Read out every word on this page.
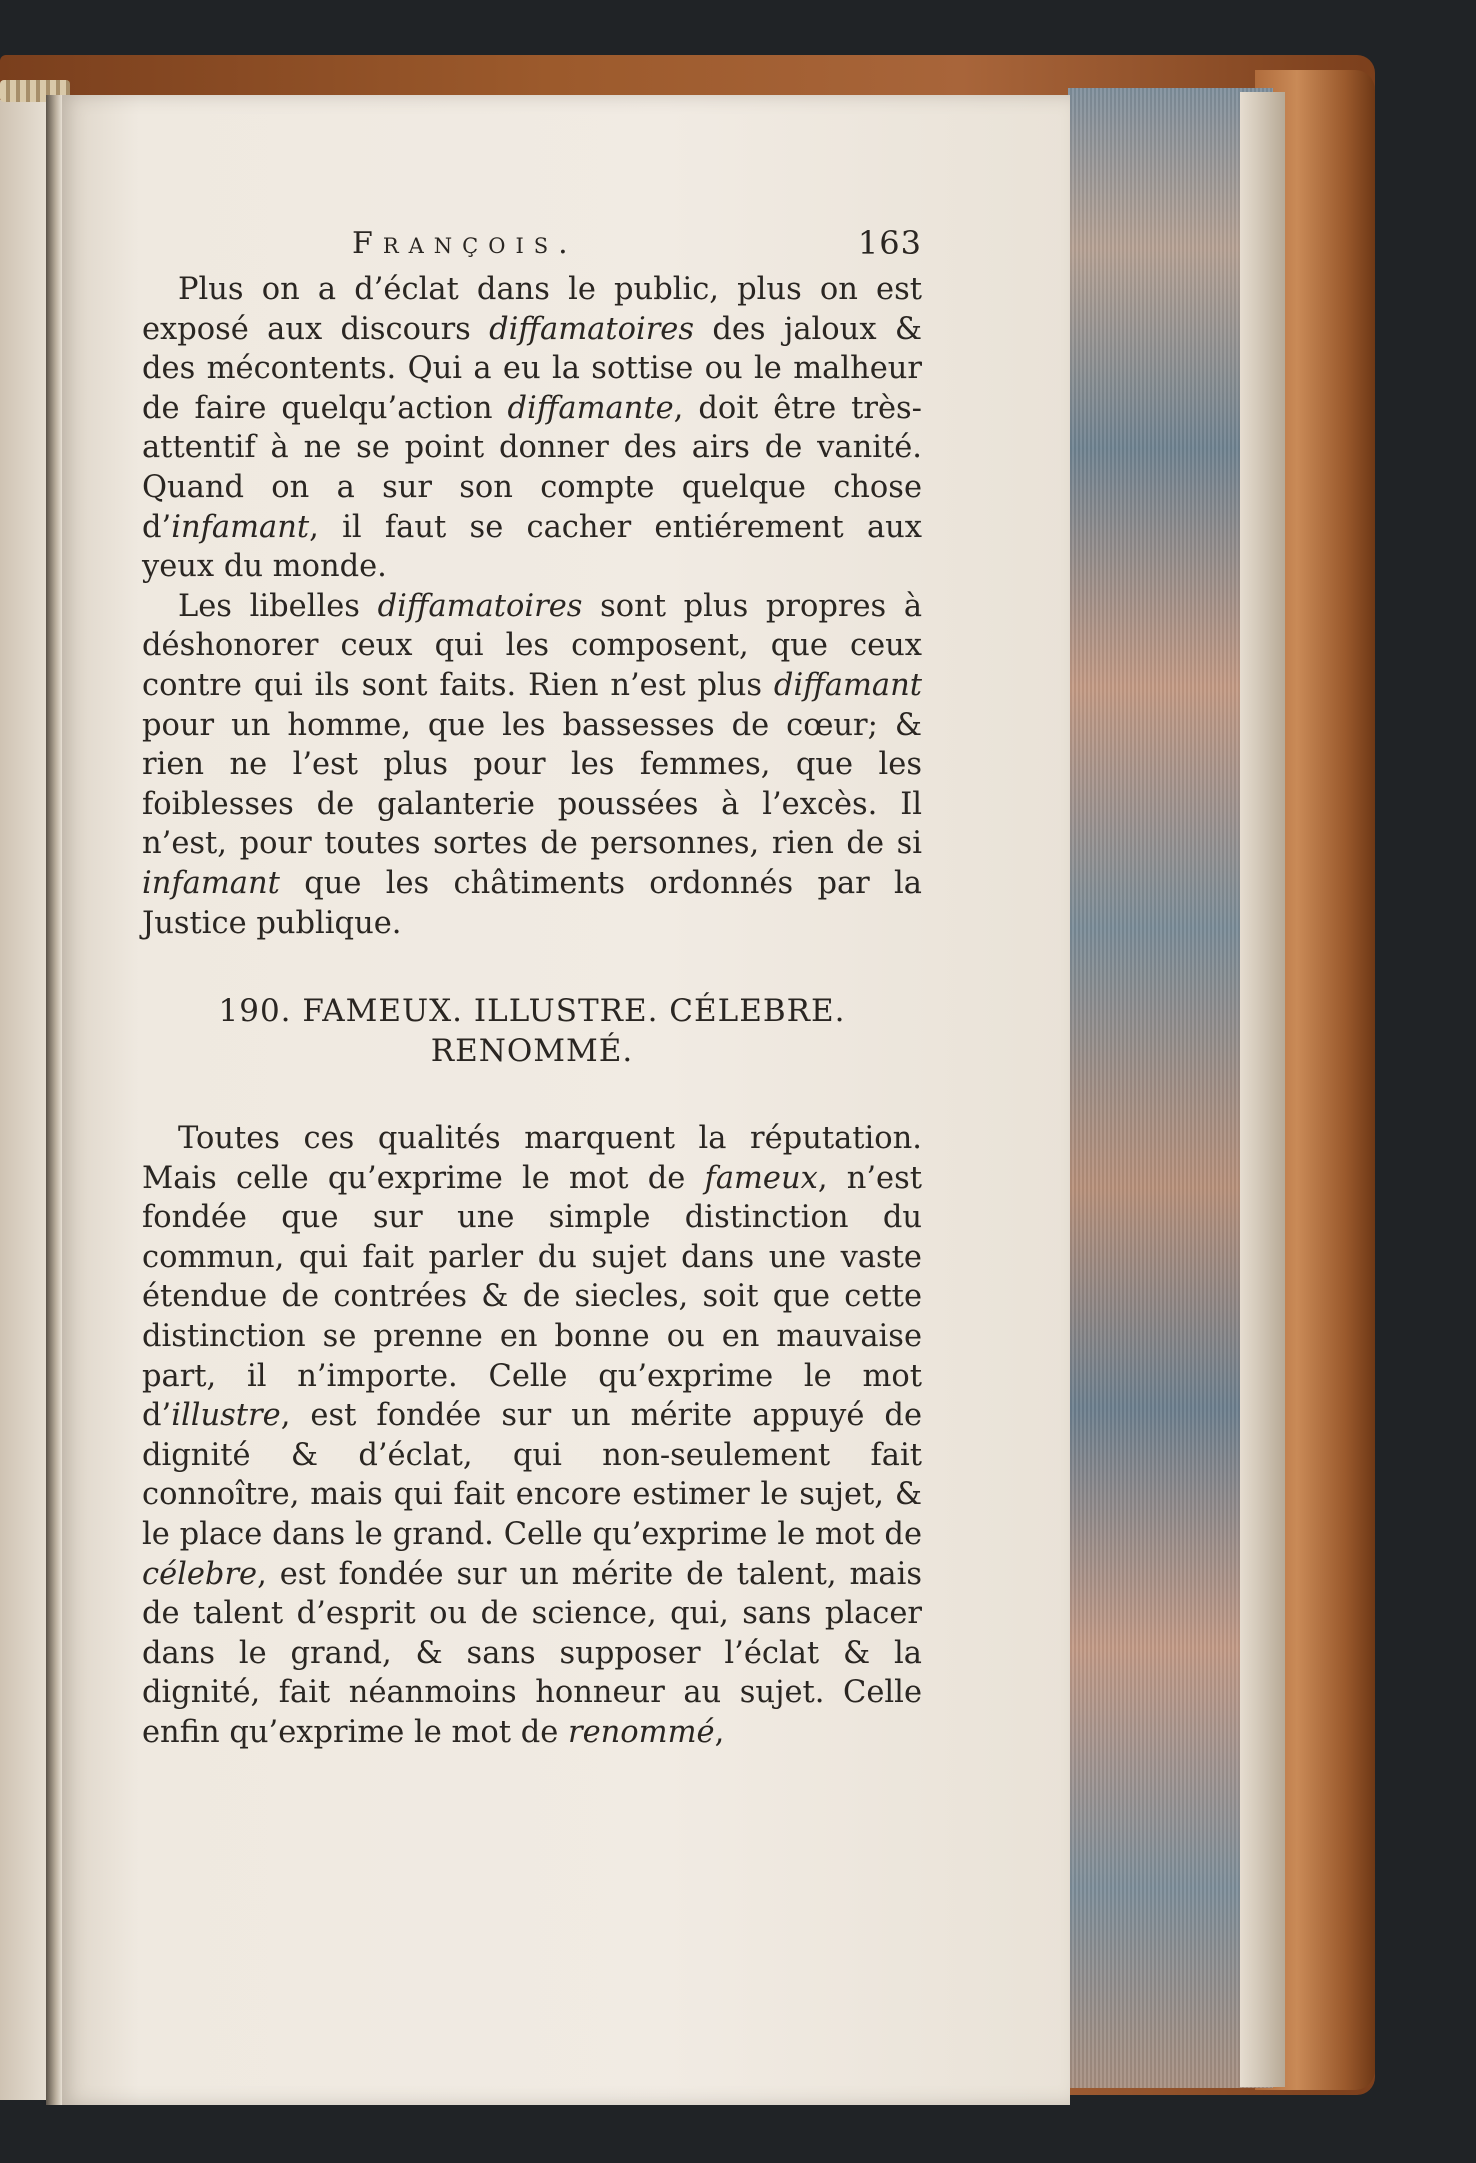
François.	163

Plus on a d’éclat dans le public, plus on est exposé aux discours diffamatoires des jaloux & des mécontents. Qui a eu la sottise ou le malheur de faire quelqu’action diffamante, doit être très-attentif à ne se point donner des airs de vanité. Quand on a sur son compte quelque chose d’infamant, il faut se cacher entiérement aux yeux du monde.

Les libelles diffamatoires sont plus propres à déshonorer ceux qui les composent, que ceux contre qui ils sont faits. Rien n’est plus diffamant pour un homme, que les bassesses de cœur; & rien ne l’est plus pour les femmes, que les foiblesses de galanterie poussées à l’excès. Il n’est, pour toutes sortes de personnes, rien de si infamant que les châtiments ordonnés par la Justice publique.

190. FAMEUX. ILLUSTRE. CÉLEBRE.
RENOMMÉ.

Toutes ces qualités marquent la réputation. Mais celle qu’exprime le mot de fameux, n’est fondée que sur une simple distinction du commun, qui fait parler du sujet dans une vaste étendue de contrées & de siecles, soit que cette distinction se prenne en bonne ou en mauvaise part, il n’importe. Celle qu’exprime le mot d’illustre, est fondée sur un mérite appuyé de dignité & d’éclat, qui non-seulement fait connoître, mais qui fait encore estimer le sujet, & le place dans le grand. Celle qu’exprime le mot de célebre, est fondée sur un mérite de talent, mais de talent d’esprit ou de science, qui, sans placer dans le grand, & sans supposer l’éclat & la dignité, fait néanmoins honneur au sujet. Celle enfin qu’exprime le mot de renommé,
